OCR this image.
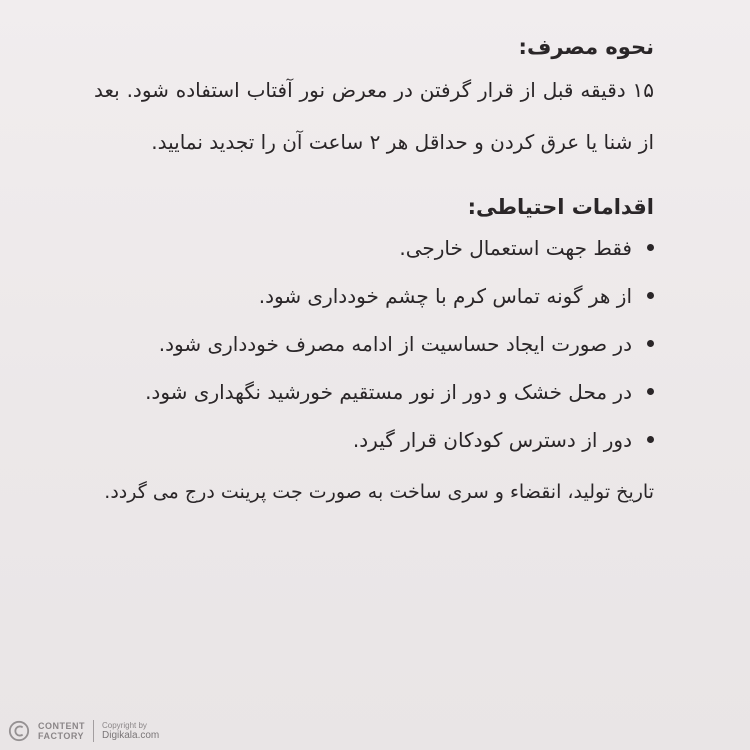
نحوه مصرف:

۱۵ دقیقه قبل از قرار گرفتن در معرض نور آفتاب استفاده شود. بعد از شنا یا عرق کردن و حداقل هر ۲ ساعت آن را تجدید نمایید.

اقدامات احتیاطی:
فقط جهت استعمال خارجی.
از هر گونه تماس کرم با چشم خودداری شود.
در صورت ایجاد حساسیت از ادامه مصرف خودداری شود.
در محل خشک و دور از نور مستقیم خورشید نگهداری شود.
دور از دسترس کودکان قرار گیرد.

تاریخ تولید، انقضاء و سری ساخت به صورت جت پرینت درج می گردد.

CONTENT
FACTORY
Copyright by
Digikala.com
